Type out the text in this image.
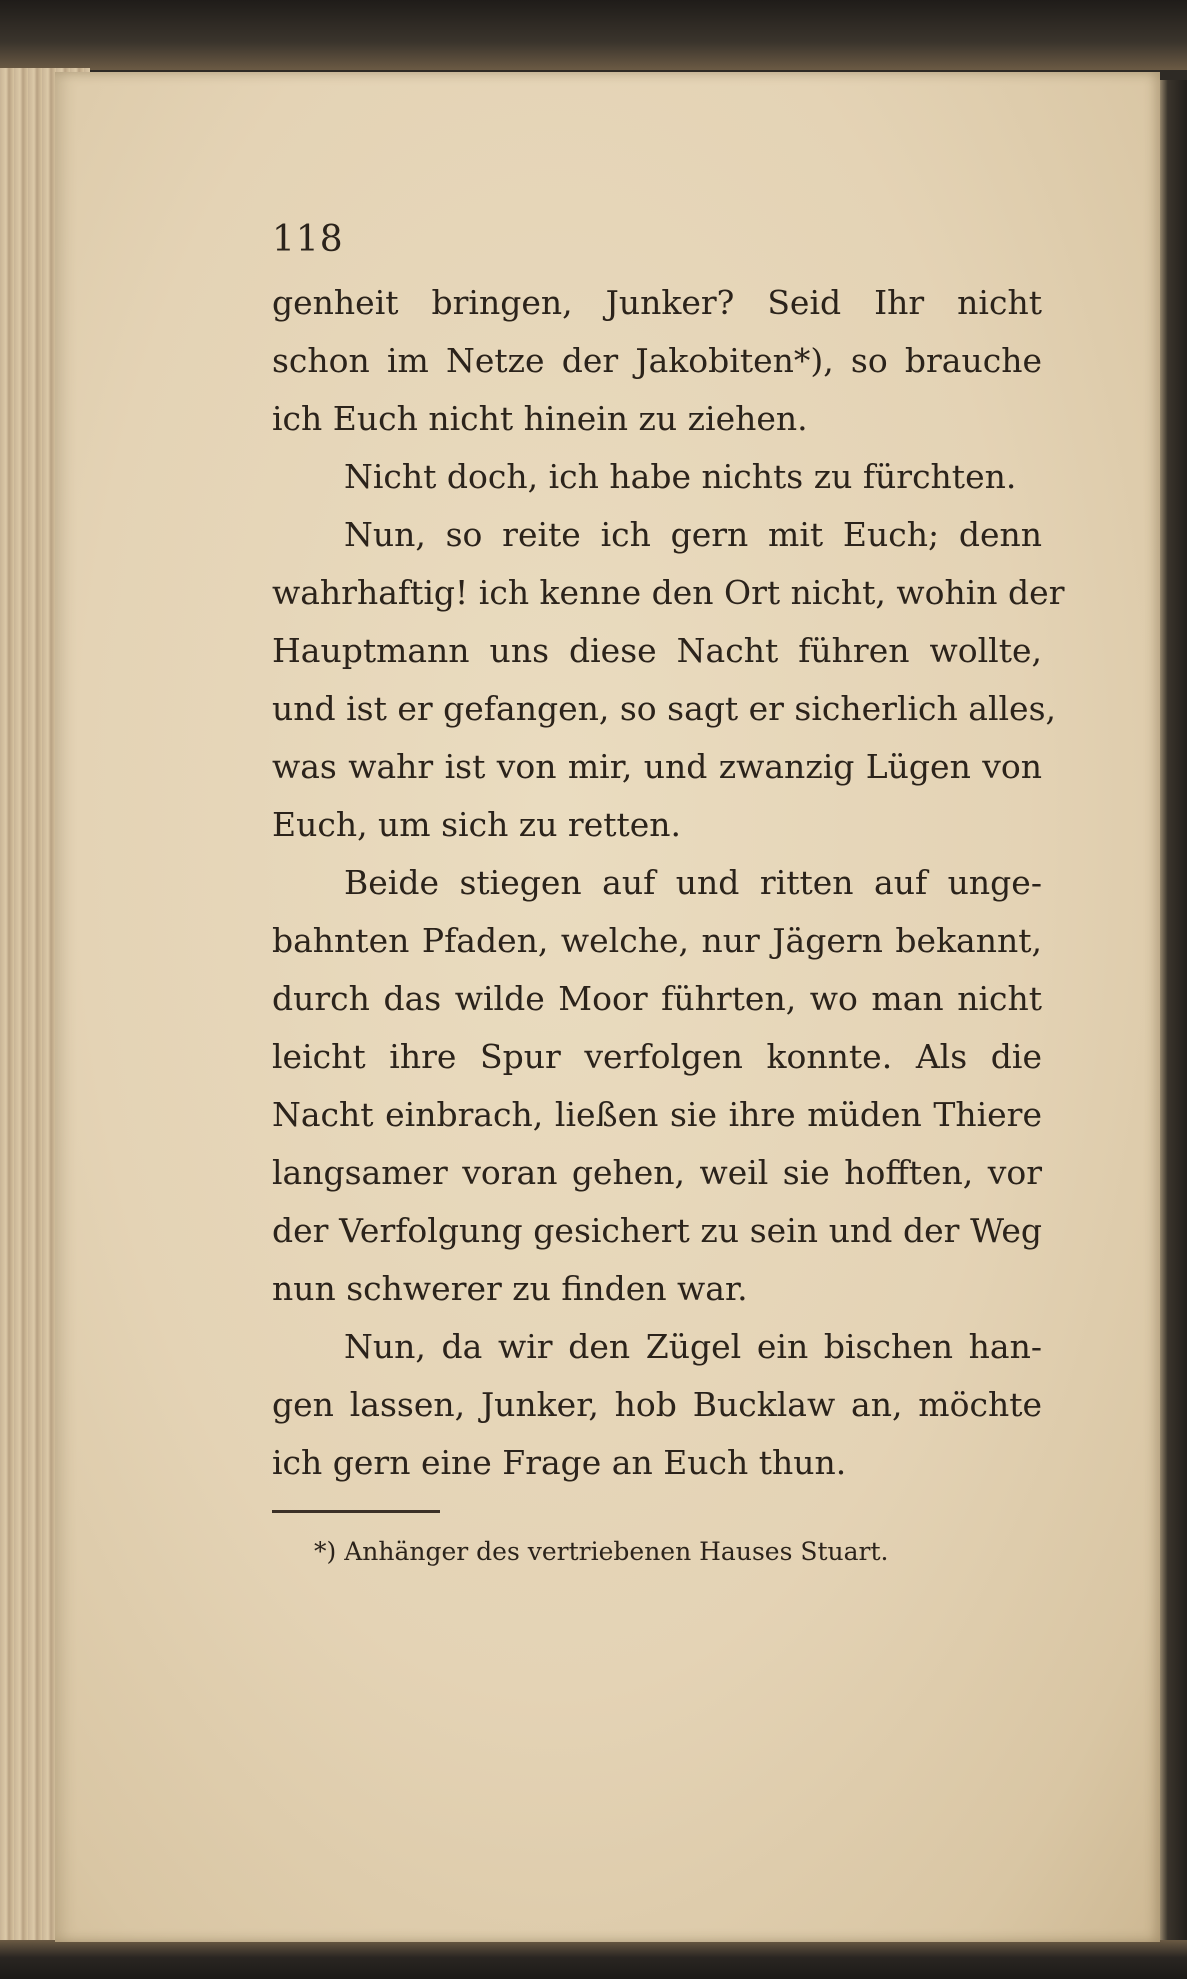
118
genheit bringen, Junker? Seid Ihr nicht
schon im Netze der Jakobiten*), so brauche
ich Euch nicht hinein zu ziehen.
Nicht doch, ich habe nichts zu fürchten.
Nun, so reite ich gern mit Euch; denn
wahrhaftig! ich kenne den Ort nicht, wohin der
Hauptmann uns diese Nacht führen wollte,
und ist er gefangen, so sagt er sicherlich alles,
was wahr ist von mir, und zwanzig Lügen von
Euch, um sich zu retten.
Beide stiegen auf und ritten auf unge-
bahnten Pfaden, welche, nur Jägern bekannt,
durch das wilde Moor führten, wo man nicht
leicht ihre Spur verfolgen konnte. Als die
Nacht einbrach, ließen sie ihre müden Thiere
langsamer voran gehen, weil sie hofften, vor
der Verfolgung gesichert zu sein und der Weg
nun schwerer zu finden war.
Nun, da wir den Zügel ein bischen han-
gen lassen, Junker, hob Bucklaw an, möchte
ich gern eine Frage an Euch thun.
*) Anhänger des vertriebenen Hauses Stuart.
